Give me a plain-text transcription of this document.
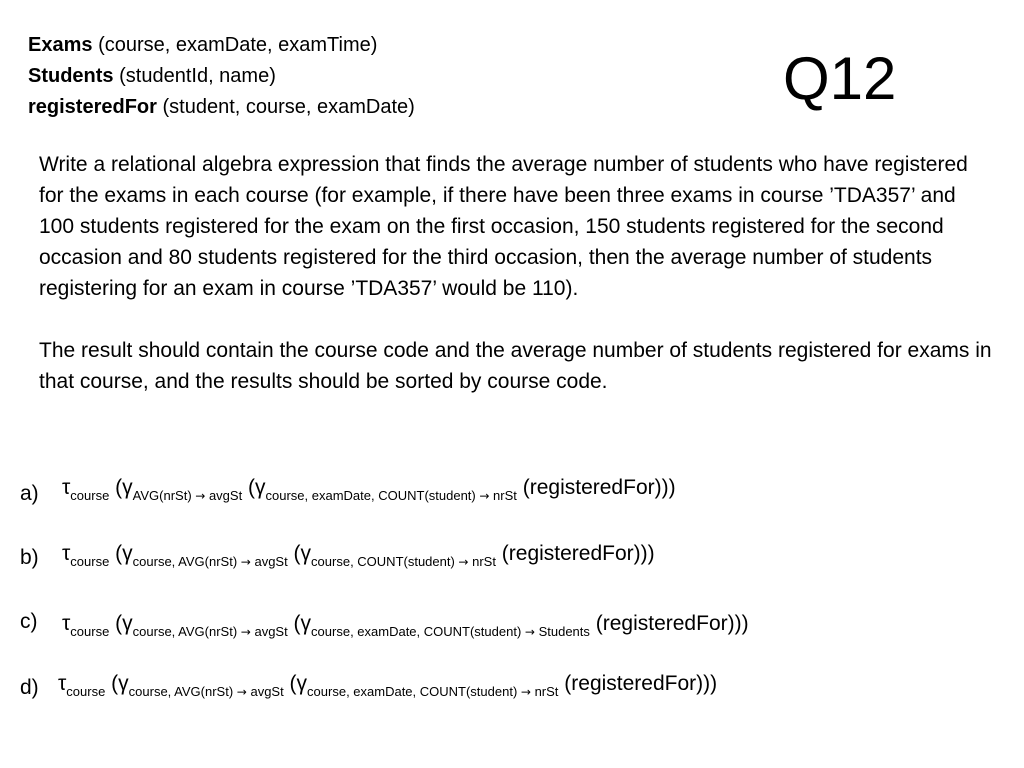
Exams (course, examDate, examTime)
Students (studentId, name)
registeredFor (student, course, examDate)	Q12

Write a relational algebra expression that finds the average number of students who have registered for the exams in each course (for example, if there have been three exams in course ’TDA357’ and 100 students registered for the exam on the first occasion, 150 students registered for the second occasion and 80 students registered for the third occasion, then the average number of students registering for an exam in course ’TDA357’ would be 110).

The result should contain the course code and the average number of students registered for exams in that course, and the results should be sorted by course code.

a) $\tau_{course}$ ($\gamma_{AVG(nrSt) \to avgSt}$ ($\gamma_{course, examDate, COUNT(student) \to nrSt}$ (registeredFor)))
b) $\tau_{course}$ ($\gamma_{course, AVG(nrSt) \to avgSt}$ ($\gamma_{course, COUNT(student) \to nrSt}$ (registeredFor)))
c) $\tau_{course}$ ($\gamma_{course, AVG(nrSt) \to avgSt}$ ($\gamma_{course, examDate, COUNT(student) \to Students}$ (registeredFor)))
d) $\tau_{course}$ ($\gamma_{course, AVG(nrSt) \to avgSt}$ ($\gamma_{course, examDate, COUNT(student) \to nrSt}$ (registeredFor)))
